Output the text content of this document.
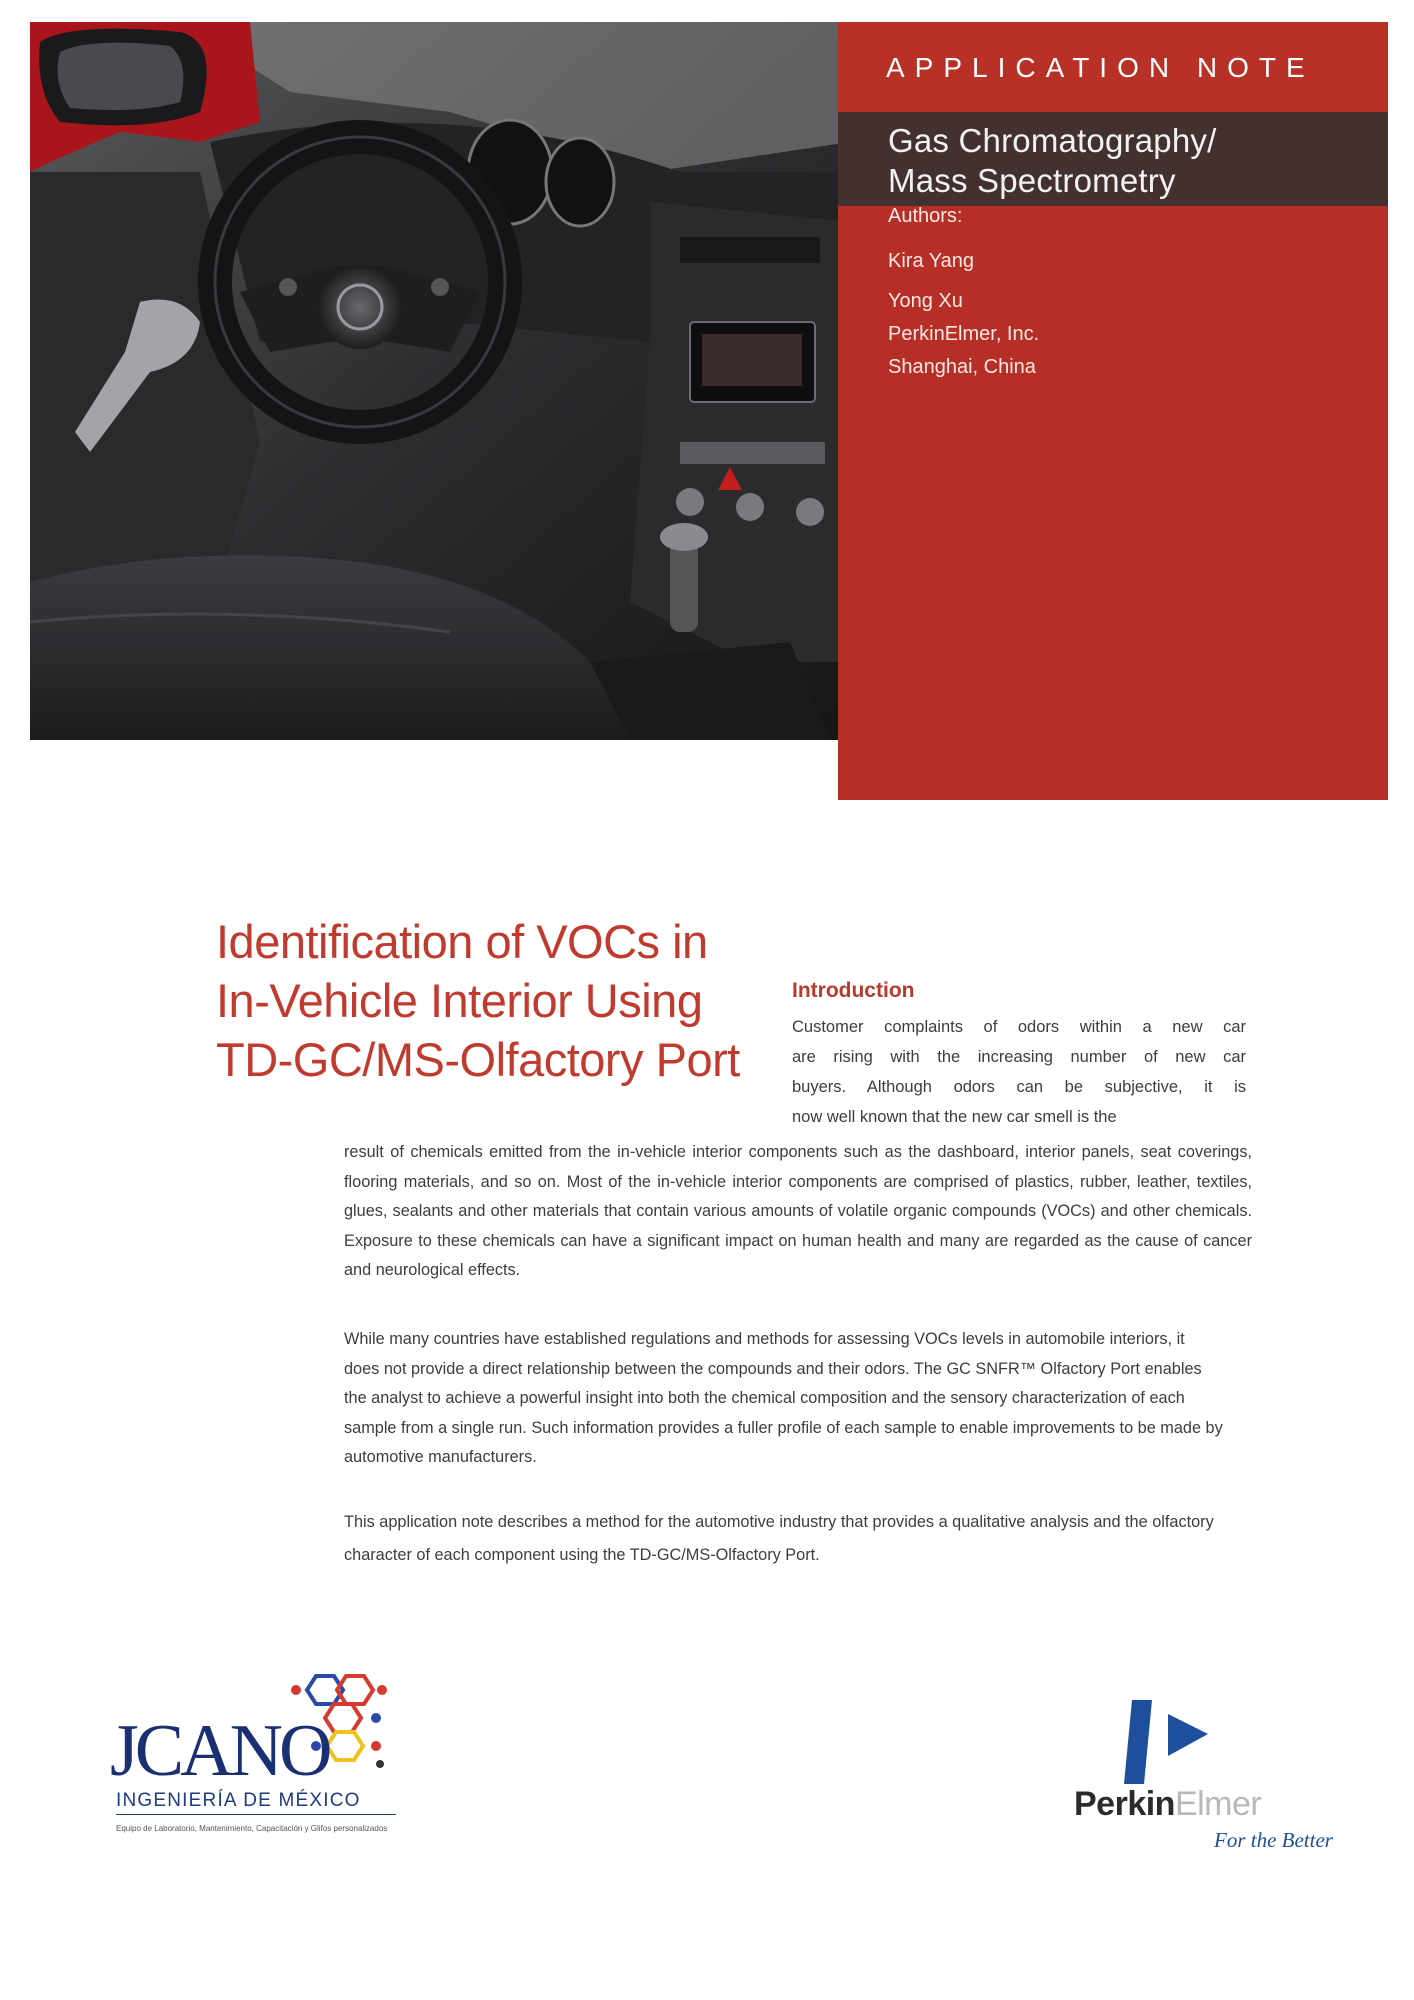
APPLICATION NOTE
Gas Chromatography/
Mass Spectrometry
Authors:
Kira Yang
Yong Xu
PerkinElmer, Inc.
Shanghai, China
Identification of VOCs in
In-Vehicle Interior Using
TD-GC/MS-Olfactory Port
Introduction
Customer complaints of odors within a new car
are rising with the increasing number of new car
buyers. Although odors can be subjective, it is
now well known that the new car smell is the

result of chemicals emitted from the in-vehicle interior components such as the dashboard, interior panels, seat coverings, flooring materials, and so on. Most of the in-vehicle interior components are comprised of plastics, rubber, leather, textiles, glues, sealants and other materials that contain various amounts of volatile organic compounds (VOCs) and other chemicals. Exposure to these chemicals can have a significant impact on human health and many are regarded as the cause of cancer and neurological effects.

While many countries have established regulations and methods for assessing VOCs levels in automobile interiors, it does not provide a direct relationship between the compounds and their odors. The GC SNFR™ Olfactory Port enables the analyst to achieve a powerful insight into both the chemical composition and the sensory characterization of each sample from a single run. Such information provides a fuller profile of each sample to enable improvements to be made by automotive manufacturers.

This application note describes a method for the automotive industry that provides a qualitative analysis and the olfactory character of each component using the TD-GC/MS-Olfactory Port.

JCANO
INGENIERÍA DE MÉXICO
Equipo de Laboratorio, Mantenimiento, Capacitación y Glifos personalizados
PerkinElmer
For the Better
